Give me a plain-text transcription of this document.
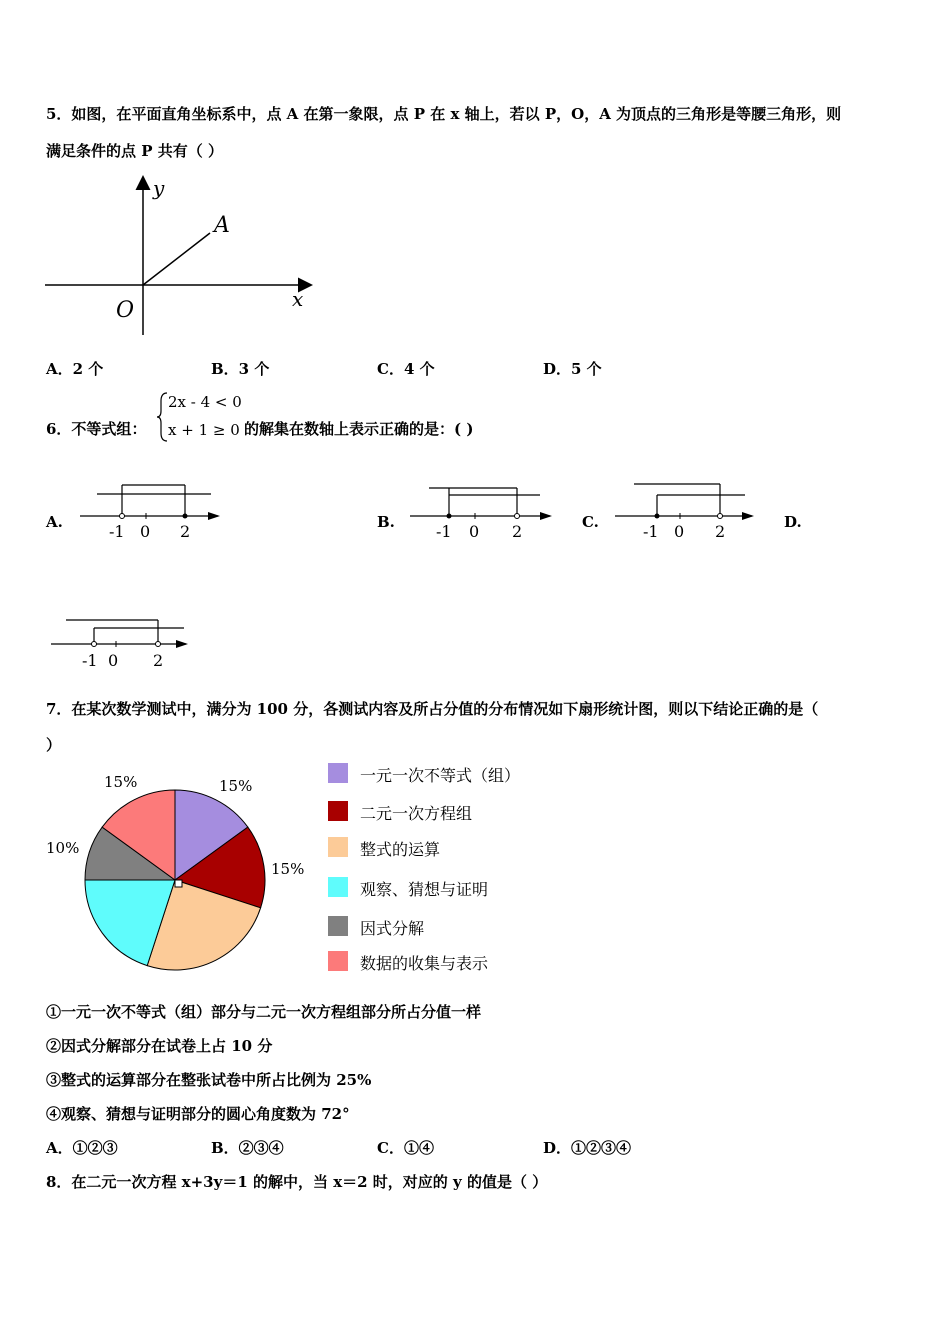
5．如图，在平面直角坐标系中，点 A 在第一象限，点 P 在 x 轴上，若以 P，O，A 为顶点的三角形是等腰三角形，则
满足条件的点 P 共有（ ）
y
x
O
A
A．2 个	B．3 个	C．4 个	D．5 个
6．不等式组：
2x - 4 < 0
x + 1 ≥ 0 的解集在数轴上表示正确的是：( )
A.	B.	C.	D.
-1 0 2	-1 0 2	-1 0 2
-1 0 2
7．在某次数学测试中，满分为 100 分，各测试内容及所占分值的分布情况如下扇形统计图，则以下结论正确的是（
）
15%	15%
15%
10%
一元一次不等式（组）
二元一次方程组
整式的运算
观察、猜想与证明
因式分解
数据的收集与表示
①一元一次不等式（组）部分与二元一次方程组部分所占分值一样
②因式分解部分在试卷上占 10 分
③整式的运算部分在整张试卷中所占比例为 25%
④观察、猜想与证明部分的圆心角度数为 72°
A．①②③	B．②③④	C．①④	D．①②③④
8．在二元一次方程 x+3y＝1 的解中，当 x＝2 时，对应的 y 的值是（ ）
